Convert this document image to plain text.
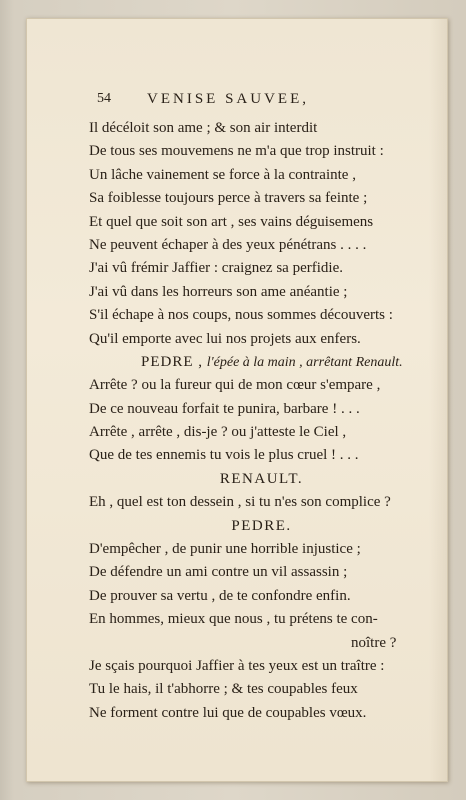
54 VENISE SAUVEE,
Il décéloit son ame ; & son air interdit
De tous ses mouvemens ne m'a que trop instruit :
Un lâche vainement se force à la contrainte ,
Sa foiblesse toujours perce à travers sa feinte ;
Et quel que soit son art , ses vains déguisemens
Ne peuvent échaper à des yeux pénétrans . . . .
J'ai vû frémir Jaffier : craignez sa perfidie.
J'ai vû dans les horreurs son ame anéantie ;
S'il échape à nos coups, nous sommes découverts :
Qu'il emporte avec lui nos projets aux enfers.
PEDRE , l'épée à la main , arrêtant Renault.
Arrête ? ou la fureur qui de mon cœur s'empare ,
De ce nouveau forfait te punira, barbare ! . . .
Arrête , arrête , dis-je ? ou j'atteste le Ciel ,
Que de tes ennemis tu vois le plus cruel ! . . .
RENAULT.
Eh , quel est ton dessein , si tu n'es son complice ?
PEDRE.
D'empêcher , de punir une horrible injustice ;
De défendre un ami contre un vil assassin ;
De prouver sa vertu , de te confondre enfin.
En hommes, mieux que nous , tu prétens te con-
noître ?
Je sçais pourquoi Jaffier à tes yeux est un traître :
Tu le hais, il t'abhorre ; & tes coupables feux
Ne forment contre lui que de coupables vœux.
